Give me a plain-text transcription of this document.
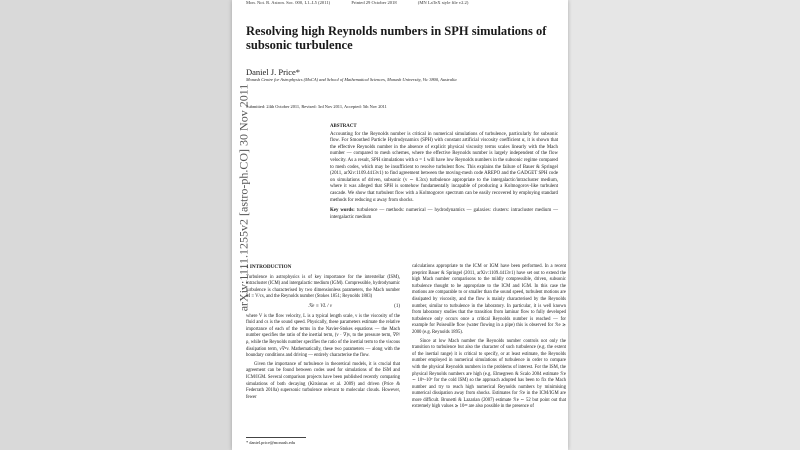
Mon. Not. R. Astron. Soc. 000, L1–L5 (2011)	Printed 29 October 2018	(MN LaTeX style file v2.2)
arXiv:1111.1255v2 [astro-ph.CO] 30 Nov 2011
Resolving high Reynolds numbers in SPH simulations of subsonic turbulence
Daniel J. Price*
Monash Centre for Astrophysics (MoCA) and School of Mathematical Sciences, Monash University, Vic 3800, Australia
Submitted: 24th October 2011, Revised: 3rd Nov 2011, Accepted: 5th Nov 2011
ABSTRACT

Accounting for the Reynolds number is critical in numerical simulations of turbulence, particularly for subsonic flow. For Smoothed Particle Hydrodynamics (SPH) with constant artificial viscosity coefficient α, it is shown that the effective Reynolds number in the absence of explicit physical viscosity terms scales linearly with the Mach number — compared to mesh schemes, where the effective Reynolds number is largely independent of the flow velocity. As a result, SPH simulations with α = 1 will have low Reynolds numbers in the subsonic regime compared to mesh codes, which may be insufficient to resolve turbulent flow. This explains the failure of Bauer & Springel (2011, arXiv:1109.4413v1) to find agreement between the moving-mesh code AREPO and the GADGET SPH code on simulations of driven, subsonic (v ∼ 0.3cs) turbulence appropriate to the intergalactic/intracluster medium, where it was alleged that SPH is somehow fundamentally incapable of producing a Kolmogorov-like turbulent cascade. We show that turbulent flow with a Kolmogorov spectrum can be easily recovered by employing standard methods for reducing α away from shocks.

Key words: turbulence — methods: numerical — hydrodynamics — galaxies: clusters: intracluster medium — intergalactic medium

1 INTRODUCTION

Turbulence in astrophysics is of key importance for the interstellar (ISM), intracluster (ICM) and intergalactic medium (IGM). Compressible, hydrodynamic turbulence is characterised by two dimensionless parameters, the Mach number M ≡ V/cs, and the Reynolds number (Stokes 1851; Reynolds 1883)

ℛe ≡ VL / ν	(1)

where V is the flow velocity, L is a typical length scale, ν is the viscosity of the fluid and cs is the sound speed. Physically, these parameters estimate the relative importance of each of the terms in the Navier-Stokes equations — the Mach number specifies the ratio of the inertial term, (v · ∇)v, to the pressure term, ∇P/ρ, while the Reynolds number specifies the ratio of the inertial term to the viscous dissipation term, ν∇²v. Mathematically, these two parameters — along with the boundary conditions and driving — entirely characterise the flow.

Given the importance of turbulence in theoretical models, it is crucial that agreement can be found between codes used for simulations of the ISM and ICM/IGM. Several comparison projects have been published recently comparing simulations of both decaying (Kitsionas et al. 2009) and driven (Price & Federrath 2010a) supersonic turbulence relevant to molecular clouds. However, fewer

calculations appropriate to the ICM or IGM have been performed. In a recent preprint Bauer & Springel (2011, arXiv:1109.4413v1) have set out to extend the high Mach number comparisons to the mildly compressible, driven, subsonic turbulence thought to be appropriate to the ICM and IGM. In this case the motions are comparable to or smaller than the sound speed, turbulent motions are dissipated by viscosity, and the flow is mainly characterised by the Reynolds number, similar to turbulence in the laboratory. In particular, it is well known from laboratory studies that the transition from laminar flow to fully developed turbulence only occurs once a critical Reynolds number is reached — for example for Poiseuille flow (water flowing in a pipe) this is observed for ℛe ≳ 2000 (e.g. Reynolds 1895).

Since at low Mach number the Reynolds number controls not only the transition to turbulence but also the character of such turbulence (e.g. the extent of the inertial range) it is critical to specify, or at least estimate, the Reynolds number employed in numerical simulations of turbulence in order to compare with the physical Reynolds numbers in the problems of interest. For the ISM, the physical Reynolds numbers are high (e.g. Elmegreen & Scalo 2004 estimate ℛe ∼ 10⁵–10⁷ for the cold ISM) so the approach adopted has been to fix the Mach number and try to reach high numerical Reynolds numbers by minimising numerical dissipation away from shocks. Estimates for ℛe in the ICM/IGM are more difficult. Brunetti & Lazarian (2007) estimate ℛe ∼ 52 but point out that extremely high values ≳ 10²⁹ are also possible in the presence of

* daniel.price@monash.edu
